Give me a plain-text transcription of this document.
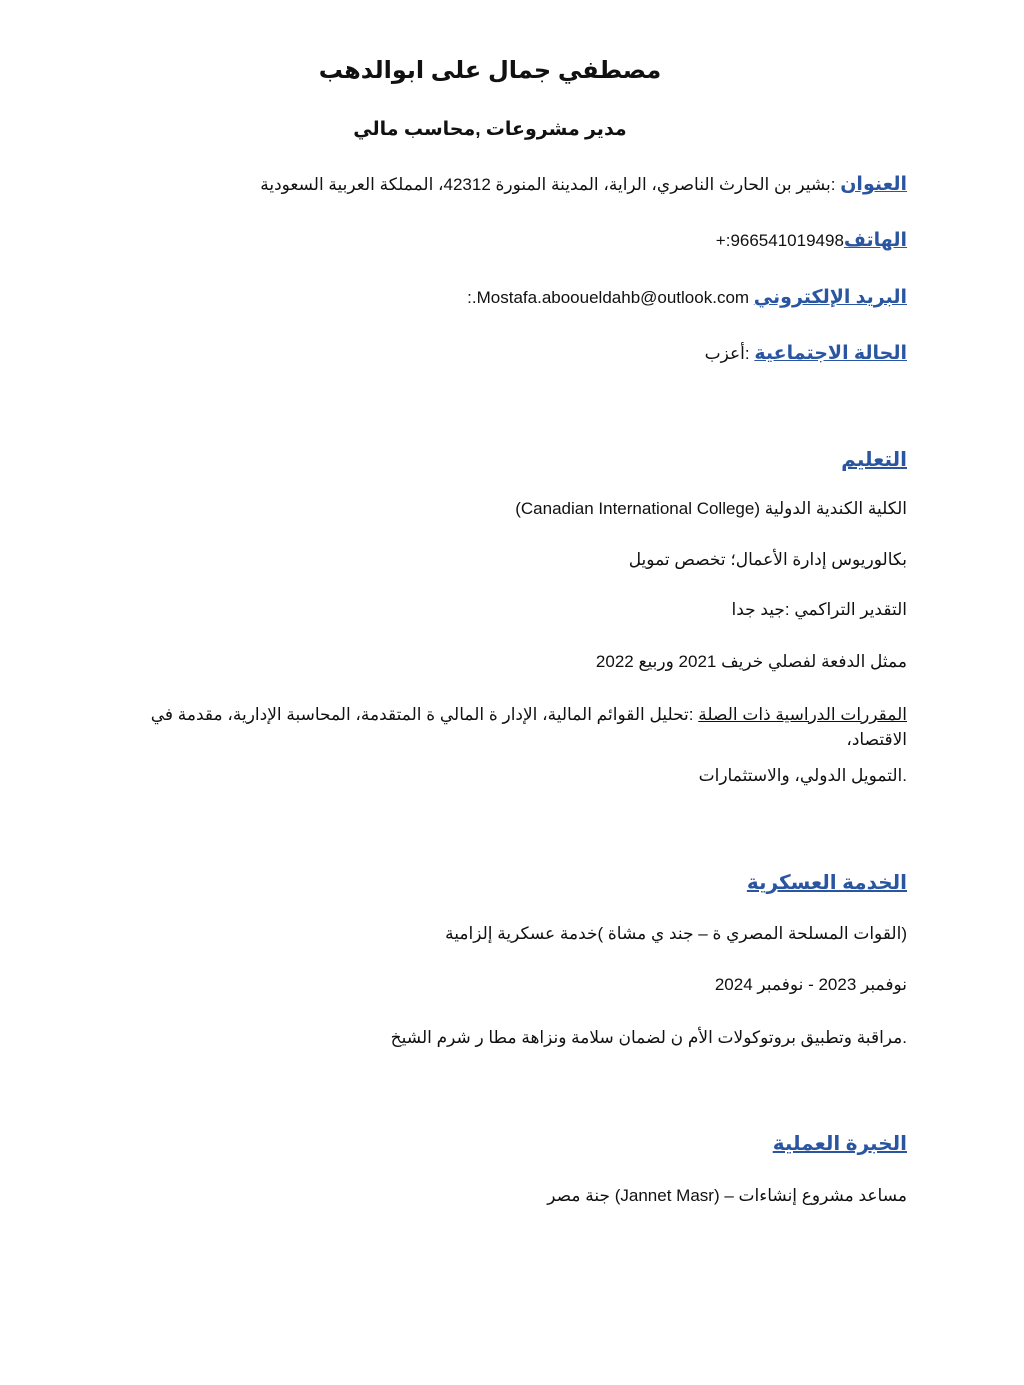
مصطفي جمال على ابوالدهب
مدير مشروعات ,محاسب مالي
العنوان :بشير بن الحارث الناصري، الراية، المدينة المنورة 42312، المملكة العربية السعودية
الهاتف966541019498:+
البريد الإلكتروني Mostafa.abooueldahb@outlook.com.:
الحالة الاجتماعية :أعزب
التعليم
(Canadian International College) الكلية الكندية الدولية
بكالوريوس إدارة الأعمال؛ تخصص تمويل
التقدير التراكمي :جيد جدا
ممثل الدفعة لفصلي خريف 2021 وربيع 2022
المقررات الدراسية ذات الصلة :تحليل القوائم المالية، الإدار ة المالي ة المتقدمة، المحاسبة الإدارية، مقدمة في الاقتصاد،
.التمويل الدولي، والاستثمارات
الخدمة العسكرية
(القوات المسلحة المصري ة – جند ي مشاة )خدمة عسكرية إلزامية
نوفمبر 2023 - نوفمبر 2024
.مراقبة وتطبيق بروتوكولات الأم ن لضمان سلامة ونزاهة مطا ر شرم الشيخ
الخبرة العملية
مساعد مشروع إنشاءات – (Jannet Masr) جنة مصر
